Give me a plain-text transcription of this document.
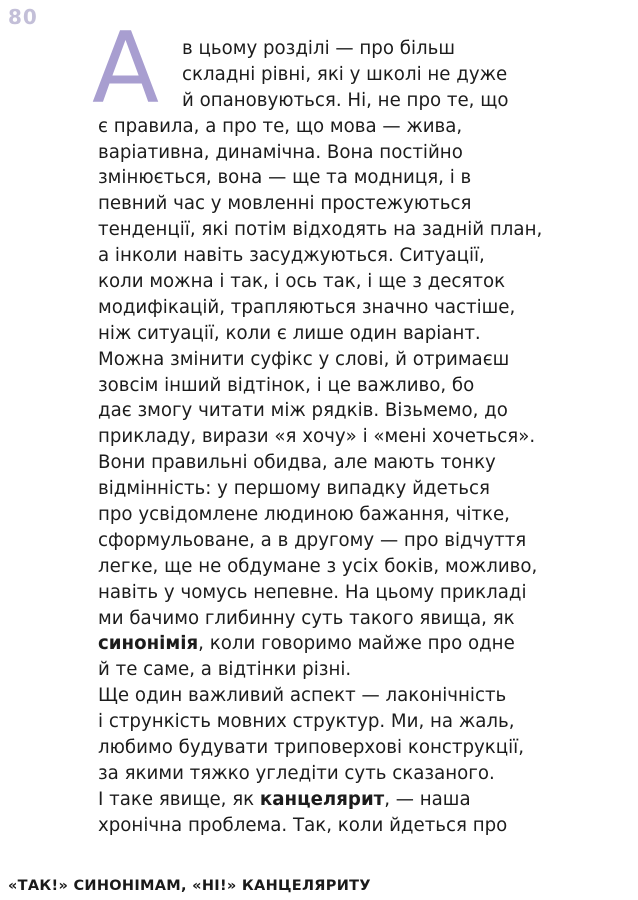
80 А	в цьому розділі — про більш

складні рівні, які у школі не дуже

й опановуються. Ні, не про те, що

є правила, а про те, що мова — жива,

варіативна, динамічна. Вона постійно

змінюється, вона — ще та модниця, і в

певний час у мовленні простежуються

тенденції, які потім відходять на задній план,

а інколи навіть засуджуються. Ситуації,

коли можна і так, і ось так, і ще з десяток

модифікацій, трапляються значно частіше,

ніж ситуації, коли є лише один варіант.

Можна змінити суфікс у слові, й отримаєш

зовсім інший відтінок, і це важливо, бо

дає змогу читати між рядків. Візьмемо, до

прикладу, вирази «я хочу» і «мені хочеться».

Вони правильні обидва, але мають тонку

відмінність: у першому випадку йдеться

про усвідомлене людиною бажання, чітке,

сформульоване, а в другому — про відчуття

легке, ще не обдумане з усіх боків, можливо,

навіть у чомусь непевне. На цьому прикладі

ми бачимо глибинну суть такого явища, як

синонімія, коли говоримо майже про одне

й те саме, а відтінки різні.

Ще один важливий аспект — лаконічність

і стрункість мовних структур. Ми, на жаль,

любимо будувати триповерхові конструкції,

за якими тяжко угледіти суть сказаного.

І таке явище, як канцелярит, — наша

хронічна проблема. Так, коли йдеться про

«ТАК!» СИНОНІМАМ, «НІ!» КАНЦЕЛЯРИТУ
